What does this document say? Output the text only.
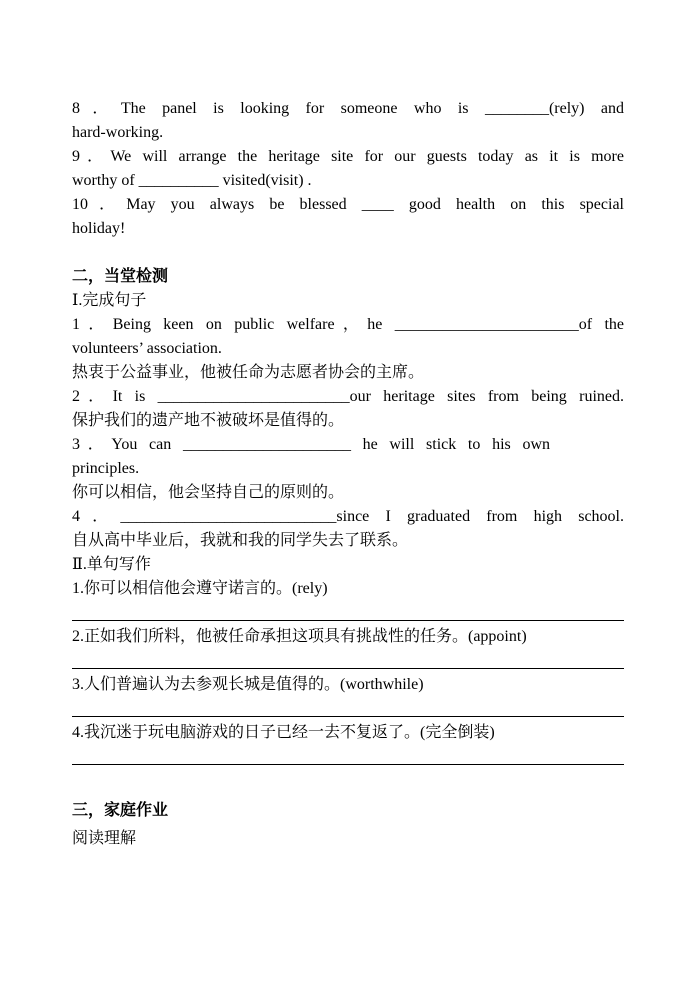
8．The panel is looking for someone who is ________(rely) and
hard-working.
9．We will arrange the heritage site for our guests today as it is more
worthy of __________ visited(visit) .
10．May you always be blessed ____ good health on this special
holiday!
二，当堂检测
Ⅰ.完成句子
1．Being keen on public welfare，he _______________________of the
volunteers’ association.
热衷于公益事业，他被任命为志愿者协会的主席。
2．It is ________________________our heritage sites from being ruined.
保护我们的遗产地不被破坏是值得的。
3．You can _____________________ he will stick to his own
principles.
你可以相信，他会坚持自己的原则的。
4．___________________________since I graduated from high school.
自从高中毕业后，我就和我的同学失去了联系。
Ⅱ.单句写作
1.你可以相信他会遵守诺言的。(rely)
2.正如我们所料，他被任命承担这项具有挑战性的任务。(appoint)
3.人们普遍认为去参观长城是值得的。(worthwhile)
4.我沉迷于玩电脑游戏的日子已经一去不复返了。(完全倒装)
三，家庭作业
阅读理解
